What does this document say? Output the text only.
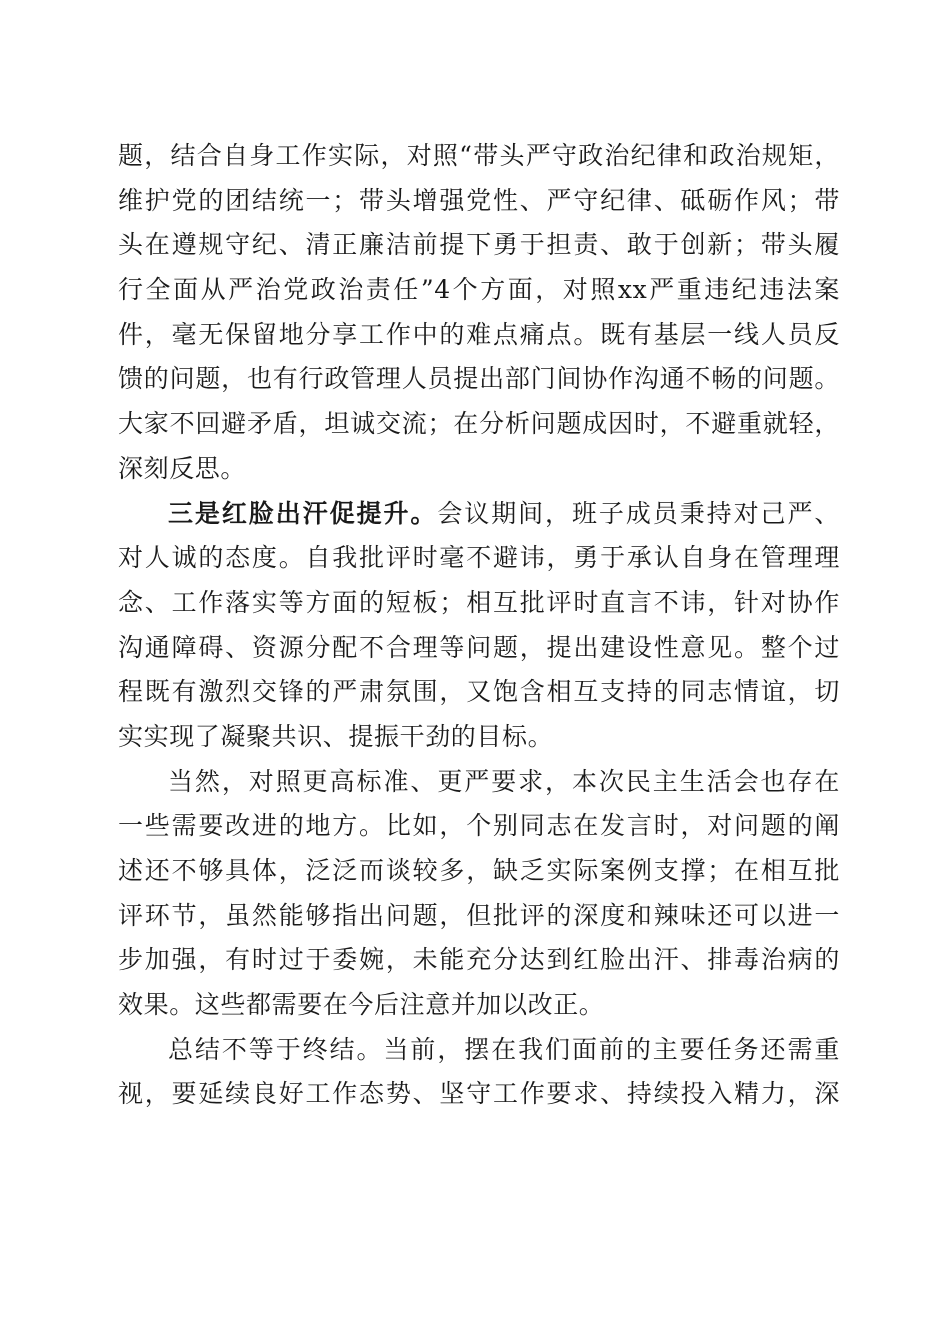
题，结合自身工作实际，对照“带头严守政治纪律和政治规矩，
维护党的团结统一；带头增强党性、严守纪律、砥砺作风；带
头在遵规守纪、清正廉洁前提下勇于担责、敢于创新；带头履
行全面从严治党政治责任”4个方面，对照xx严重违纪违法案
件，毫无保留地分享工作中的难点痛点。既有基层一线人员反
馈的问题，也有行政管理人员提出部门间协作沟通不畅的问题。
大家不回避矛盾，坦诚交流；在分析问题成因时，不避重就轻，
深刻反思。
三是红脸出汗促提升。会议期间，班子成员秉持对己严、
对人诚的态度。自我批评时毫不避讳，勇于承认自身在管理理
念、工作落实等方面的短板；相互批评时直言不讳，针对协作
沟通障碍、资源分配不合理等问题，提出建设性意见。整个过
程既有激烈交锋的严肃氛围，又饱含相互支持的同志情谊，切
实实现了凝聚共识、提振干劲的目标。
当然，对照更高标准、更严要求，本次民主生活会也存在
一些需要改进的地方。比如，个别同志在发言时，对问题的阐
述还不够具体，泛泛而谈较多，缺乏实际案例支撑；在相互批
评环节，虽然能够指出问题，但批评的深度和辣味还可以进一
步加强，有时过于委婉，未能充分达到红脸出汗、排毒治病的
效果。这些都需要在今后注意并加以改正。
总结不等于终结。当前，摆在我们面前的主要任务还需重
视，要延续良好工作态势、坚守工作要求、持续投入精力，深
